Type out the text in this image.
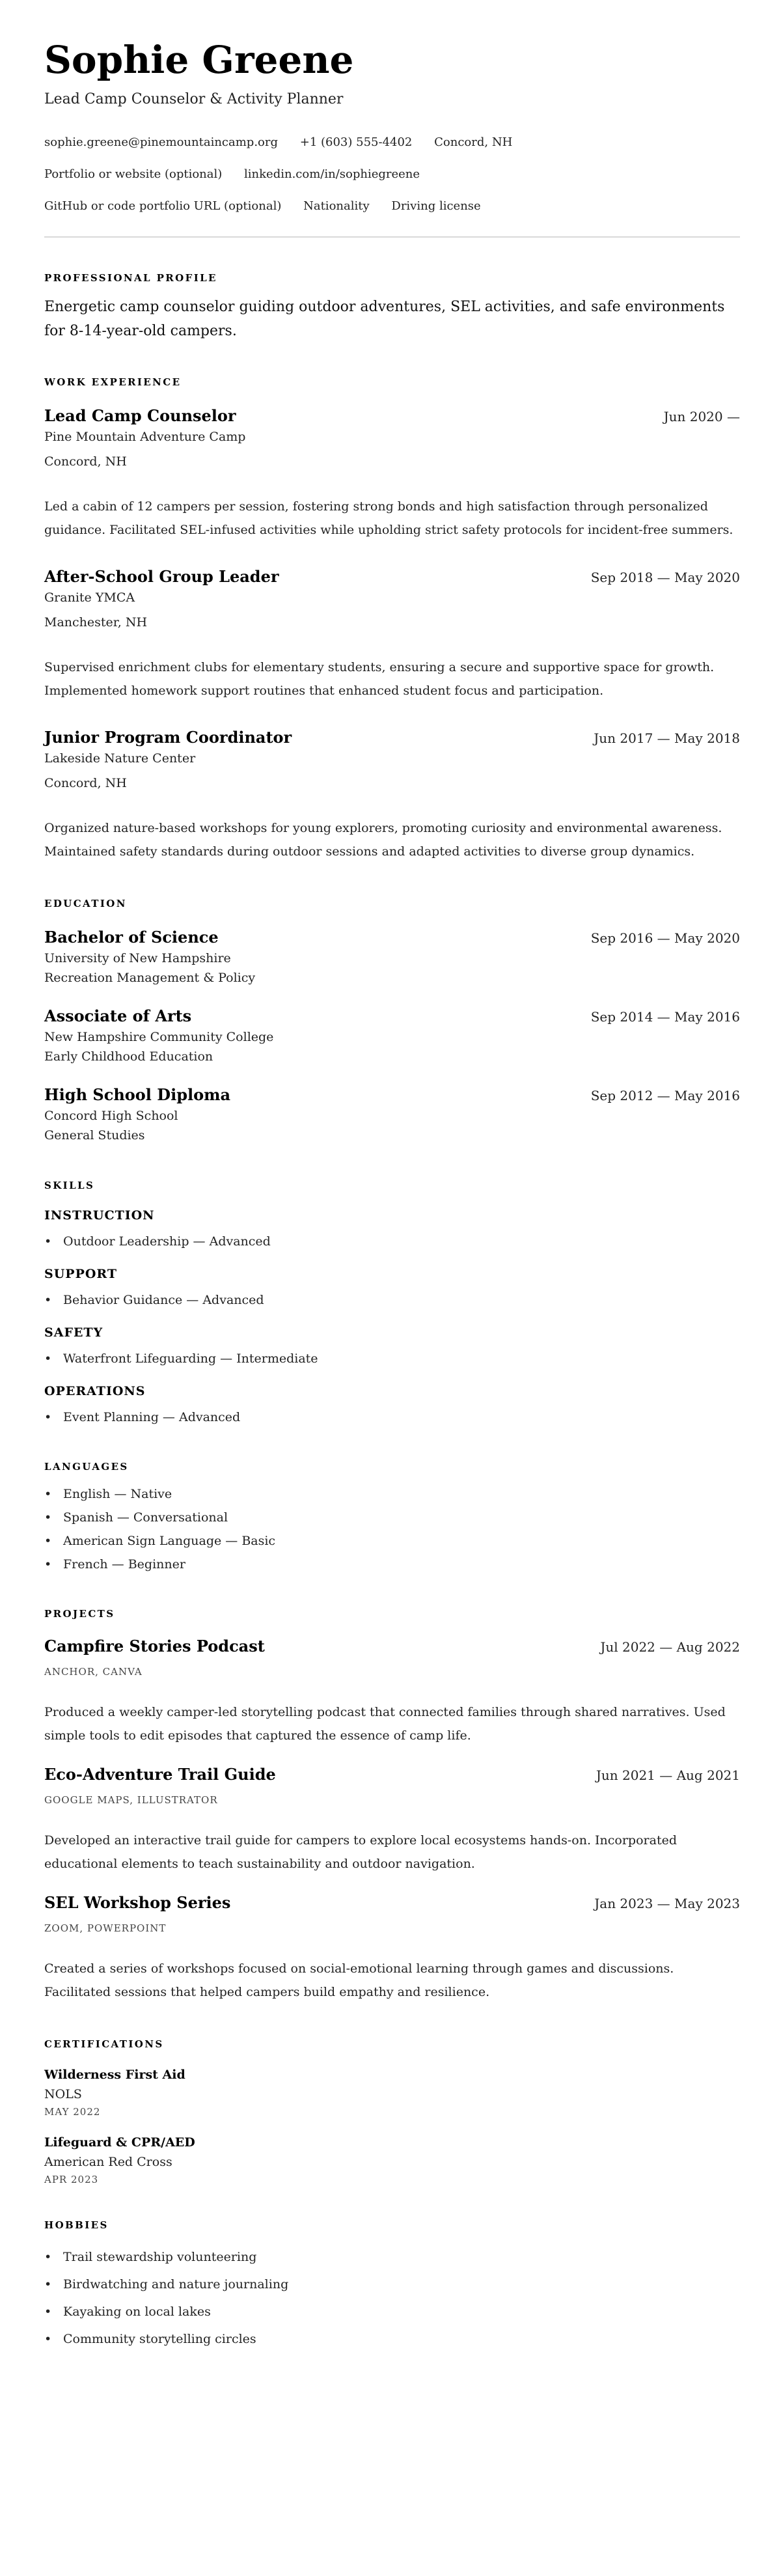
Sophie Greene
Lead Camp Counselor & Activity Planner
sophie.greene@pinemountaincamp.org +1 (603) 555-4402 Concord, NH
Portfolio or website (optional) linkedin.com/in/sophiegreene
GitHub or code portfolio URL (optional) Nationality Driving license
PROFESSIONAL PROFILE

Energetic camp counselor guiding outdoor adventures, SEL activities, and safe environments for 8-14-year-old campers.

WORK EXPERIENCE
Lead Camp Counselor	Jun 2020 —
Pine Mountain Adventure Camp
Concord, NH

Led a cabin of 12 campers per session, fostering strong bonds and high satisfaction through personalized guidance. Facilitated SEL-infused activities while upholding strict safety protocols for incident-free summers.

After-School Group Leader	Sep 2018 — May 2020
Granite YMCA
Manchester, NH

Supervised enrichment clubs for elementary students, ensuring a secure and supportive space for growth. Implemented homework support routines that enhanced student focus and participation.

Junior Program Coordinator	Jun 2017 — May 2018
Lakeside Nature Center
Concord, NH

Organized nature-based workshops for young explorers, promoting curiosity and environmental awareness. Maintained safety standards during outdoor sessions and adapted activities to diverse group dynamics.

EDUCATION
Bachelor of Science	Sep 2016 — May 2020
University of New Hampshire
Recreation Management & Policy
Associate of Arts	Sep 2014 — May 2016
New Hampshire Community College
Early Childhood Education
High School Diploma	Sep 2012 — May 2016
Concord High School
General Studies
SKILLS
INSTRUCTION
• Outdoor Leadership — Advanced
SUPPORT
• Behavior Guidance — Advanced
SAFETY
• Waterfront Lifeguarding — Intermediate
OPERATIONS
• Event Planning — Advanced
LANGUAGES
• English — Native
• Spanish — Conversational
• American Sign Language — Basic
• French — Beginner
PROJECTS
Campfire Stories Podcast	Jul 2022 — Aug 2022
ANCHOR, CANVA

Produced a weekly camper-led storytelling podcast that connected families through shared narratives. Used simple tools to edit episodes that captured the essence of camp life.

Eco-Adventure Trail Guide	Jun 2021 — Aug 2021
GOOGLE MAPS, ILLUSTRATOR

Developed an interactive trail guide for campers to explore local ecosystems hands-on. Incorporated educational elements to teach sustainability and outdoor navigation.

SEL Workshop Series	Jan 2023 — May 2023
ZOOM, POWERPOINT

Created a series of workshops focused on social-emotional learning through games and discussions. Facilitated sessions that helped campers build empathy and resilience.

CERTIFICATIONS
Wilderness First Aid
NOLS
MAY 2022
Lifeguard & CPR/AED
American Red Cross
APR 2023
HOBBIES
• Trail stewardship volunteering
• Birdwatching and nature journaling
• Kayaking on local lakes
• Community storytelling circles
